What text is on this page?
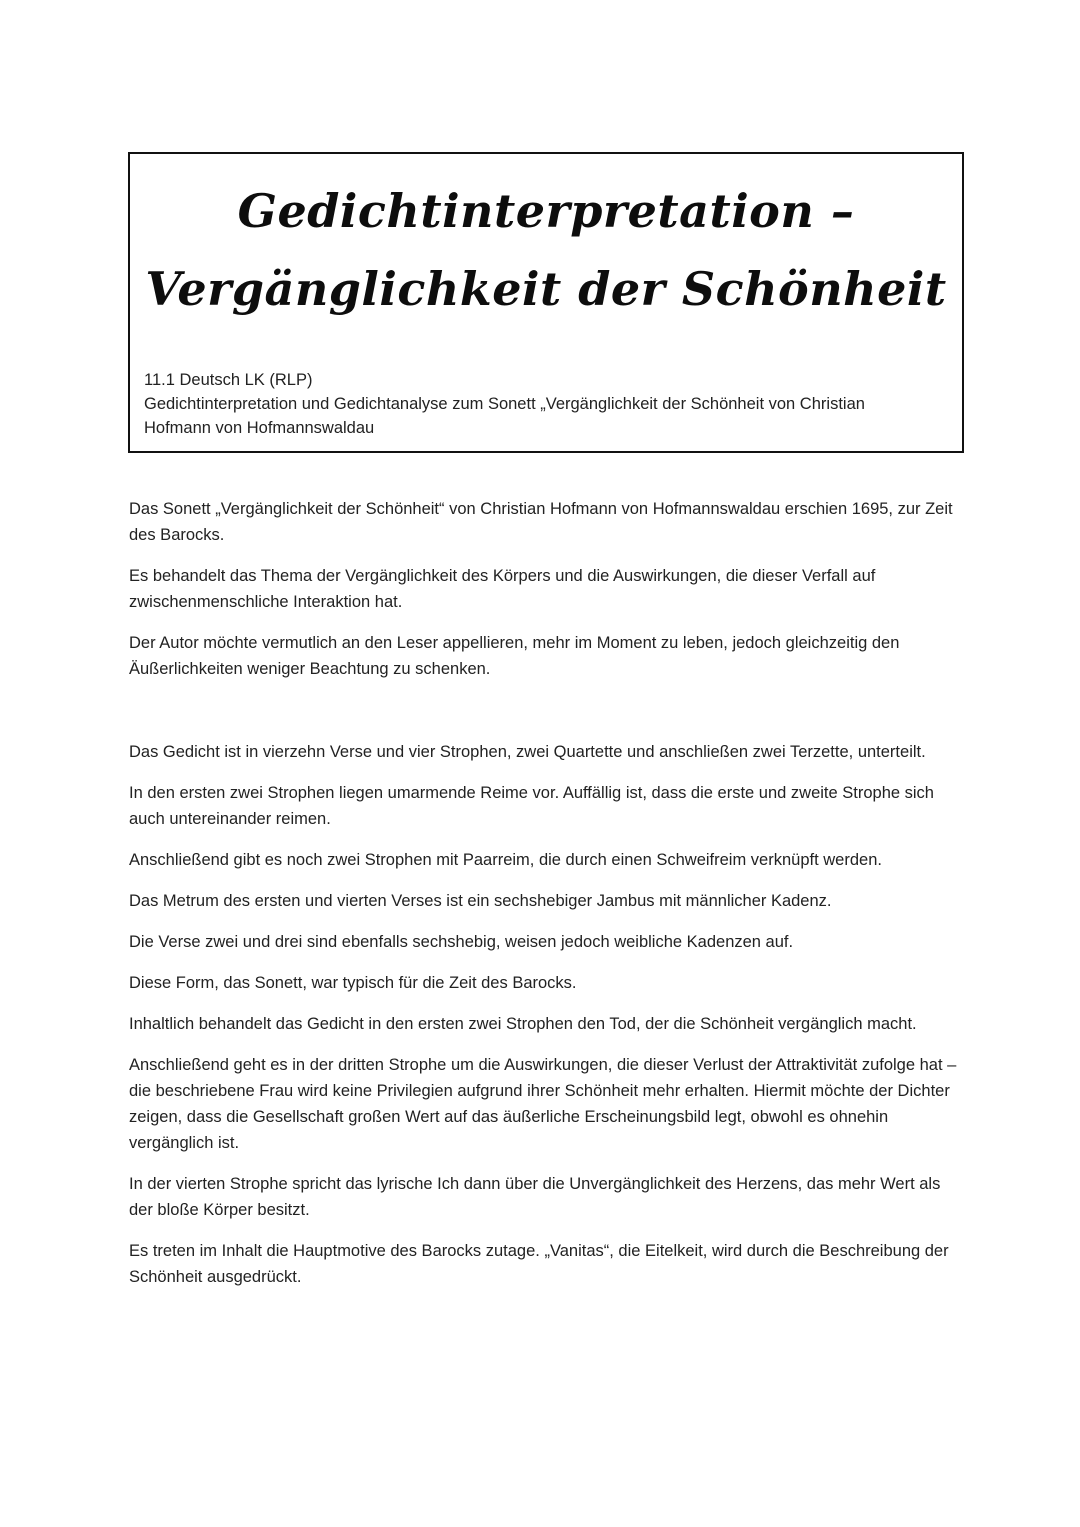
Gedichtinterpretation –
Vergänglichkeit der Schönheit
11.1 Deutsch LK (RLP)
Gedichtinterpretation und Gedichtanalyse zum Sonett „Vergänglichkeit der Schönheit von Christian
Hofmann von Hofmannswaldau

Das Sonett „Vergänglichkeit der Schönheit“ von Christian Hofmann von Hofmannswaldau erschien 1695, zur Zeit des Barocks.

Es behandelt das Thema der Vergänglichkeit des Körpers und die Auswirkungen, die dieser Verfall auf zwischenmenschliche Interaktion hat.

Der Autor möchte vermutlich an den Leser appellieren, mehr im Moment zu leben, jedoch gleichzeitig den Äußerlichkeiten weniger Beachtung zu schenken.

Das Gedicht ist in vierzehn Verse und vier Strophen, zwei Quartette und anschließen zwei Terzette, unterteilt.

In den ersten zwei Strophen liegen umarmende Reime vor. Auffällig ist, dass die erste und zweite Strophe sich auch untereinander reimen.

Anschließend gibt es noch zwei Strophen mit Paarreim, die durch einen Schweifreim verknüpft werden.

Das Metrum des ersten und vierten Verses ist ein sechshebiger Jambus mit männlicher Kadenz.

Die Verse zwei und drei sind ebenfalls sechshebig, weisen jedoch weibliche Kadenzen auf.

Diese Form, das Sonett, war typisch für die Zeit des Barocks.

Inhaltlich behandelt das Gedicht in den ersten zwei Strophen den Tod, der die Schönheit vergänglich macht.

Anschließend geht es in der dritten Strophe um die Auswirkungen, die dieser Verlust der Attraktivität zufolge hat – die beschriebene Frau wird keine Privilegien aufgrund ihrer Schönheit mehr erhalten. Hiermit möchte der Dichter zeigen, dass die Gesellschaft großen Wert auf das äußerliche Erscheinungsbild legt, obwohl es ohnehin vergänglich ist.

In der vierten Strophe spricht das lyrische Ich dann über die Unvergänglichkeit des Herzens, das mehr Wert als der bloße Körper besitzt.

Es treten im Inhalt die Hauptmotive des Barocks zutage. „Vanitas“, die Eitelkeit, wird durch die Beschreibung der Schönheit ausgedrückt.
